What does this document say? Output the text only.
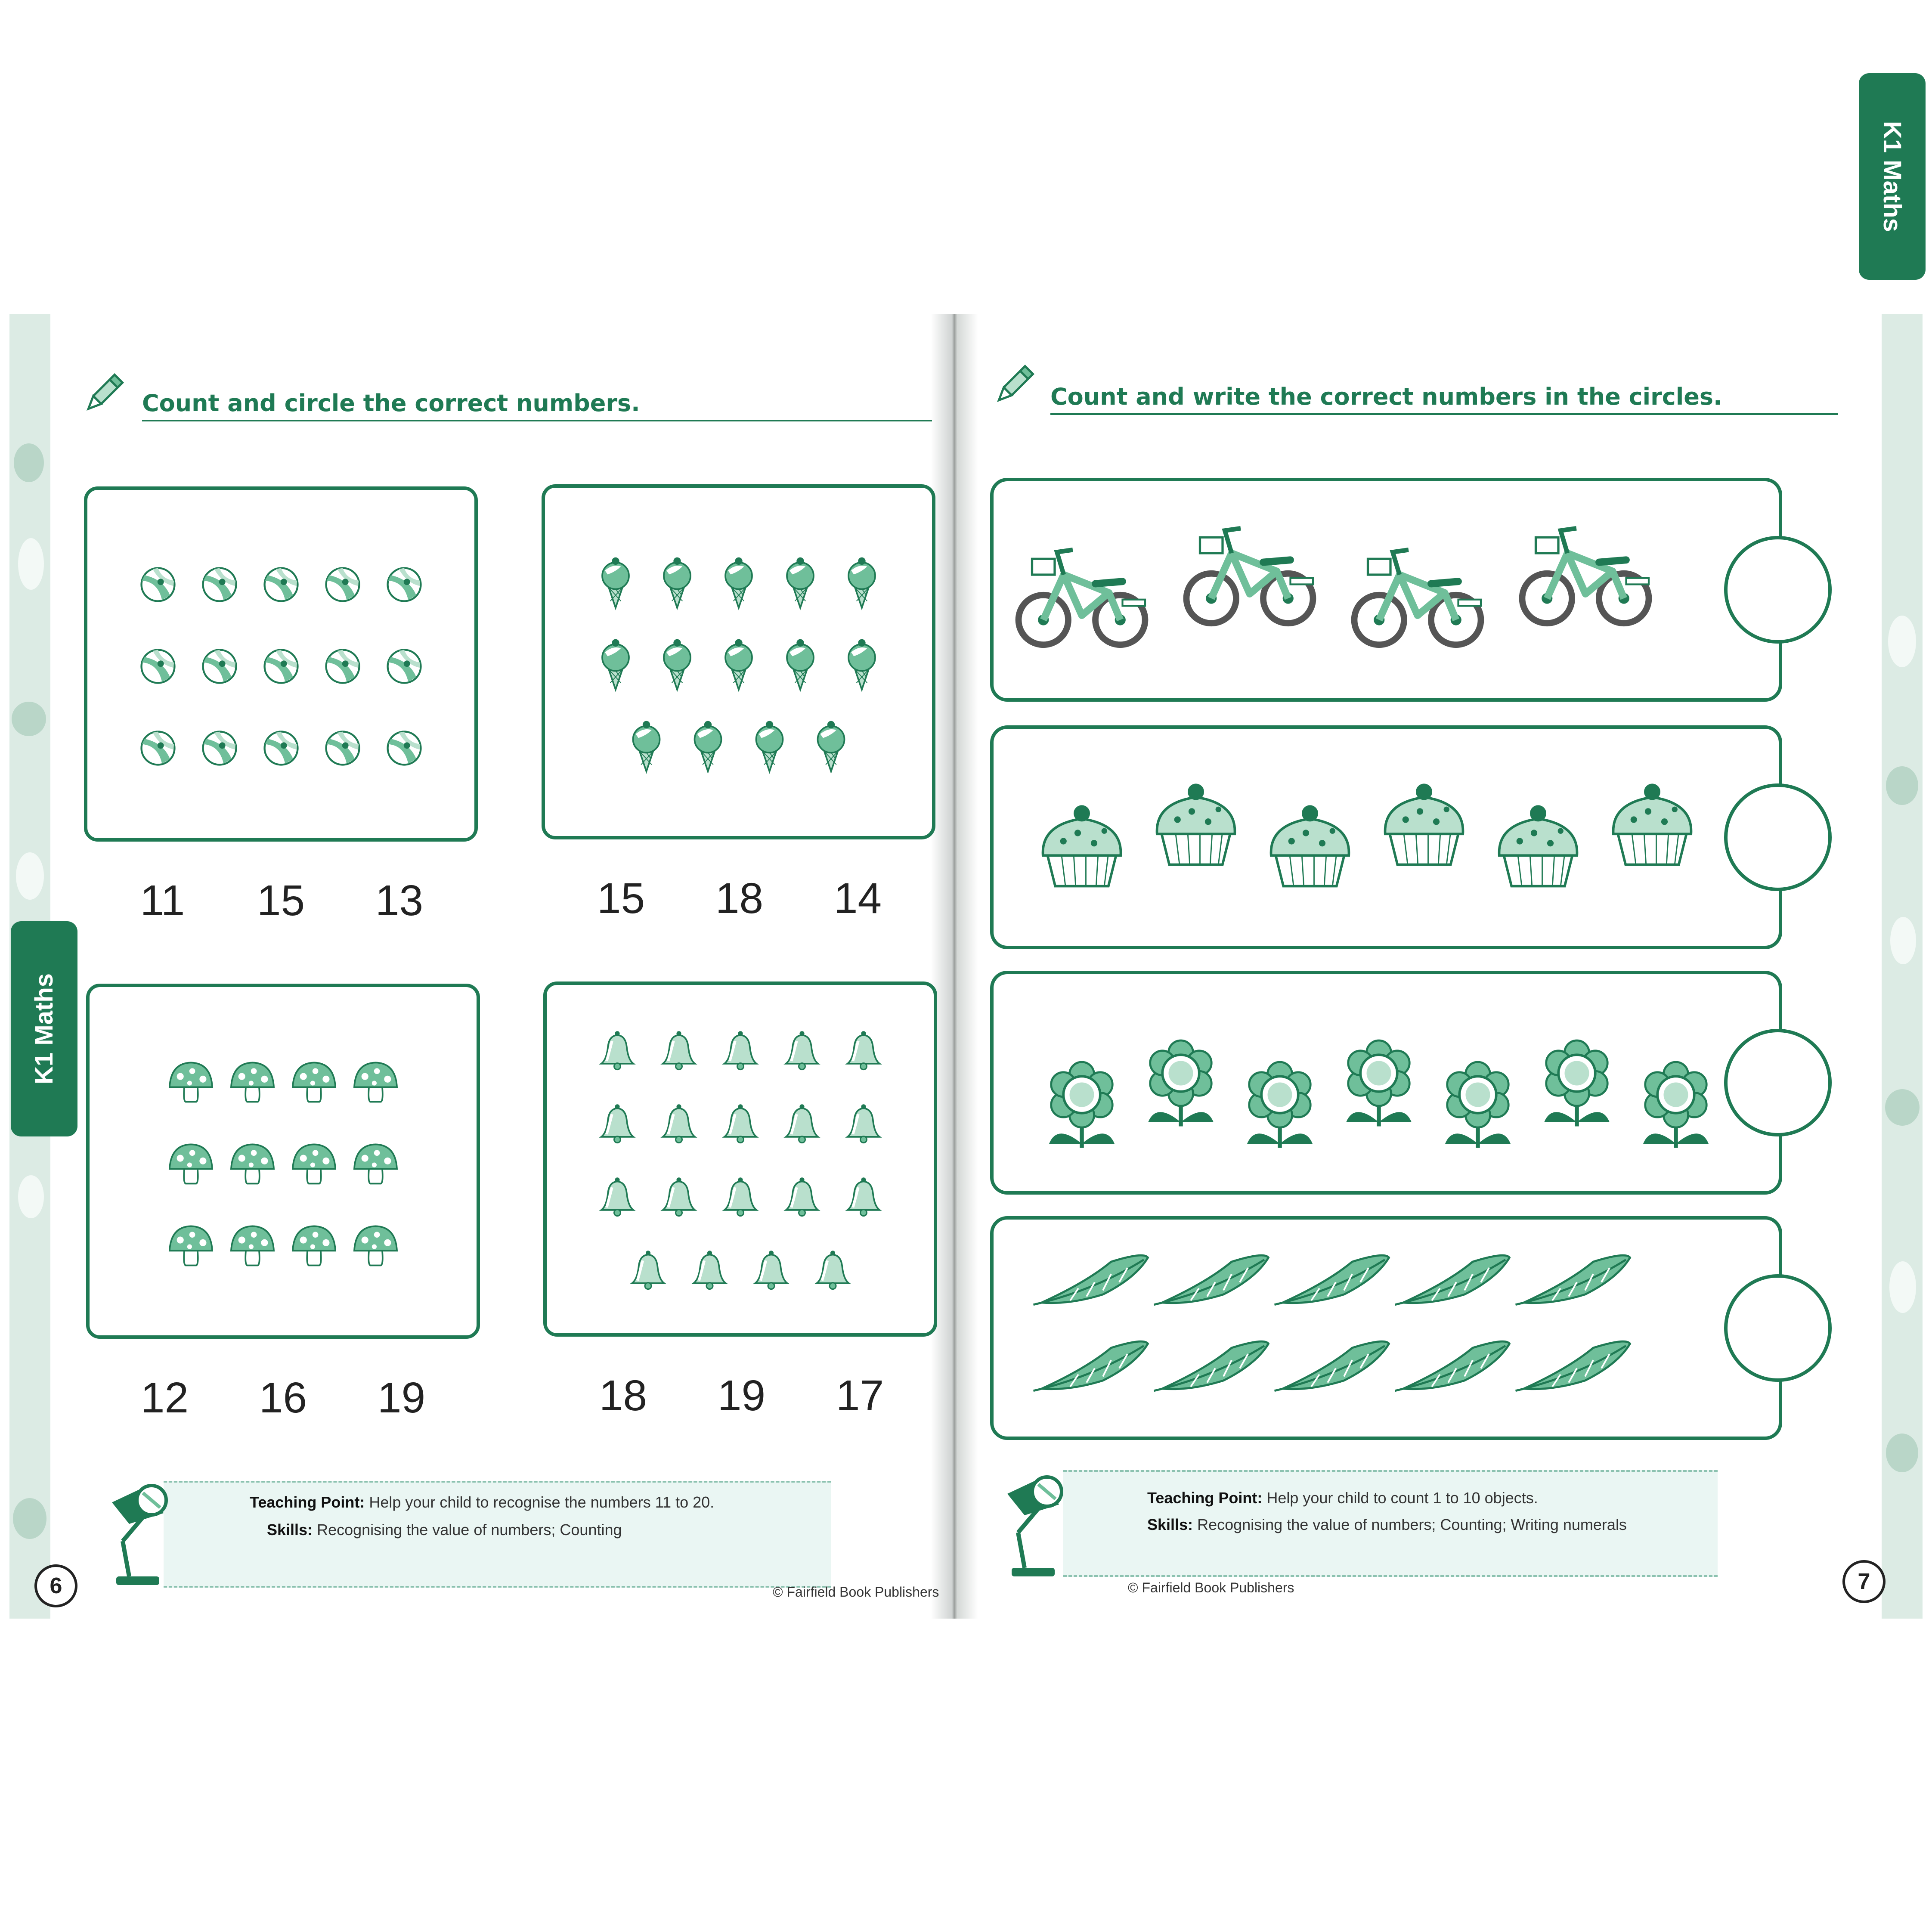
K1 Maths
K1 Maths
Count and circle the correct numbers.
11	15	13	15	18	14
12	16	19	18	19	17
Teaching Point: Help your child to recognise the numbers 11 to 20.
Skills: Recognising the value of numbers; Counting
6	© Fairfield Book Publishers
Count and write the correct numbers in the circles.
Teaching Point: Help your child to count 1 to 10 objects.
Skills: Recognising the value of numbers; Counting; Writing numerals
7
© Fairfield Book Publishers
